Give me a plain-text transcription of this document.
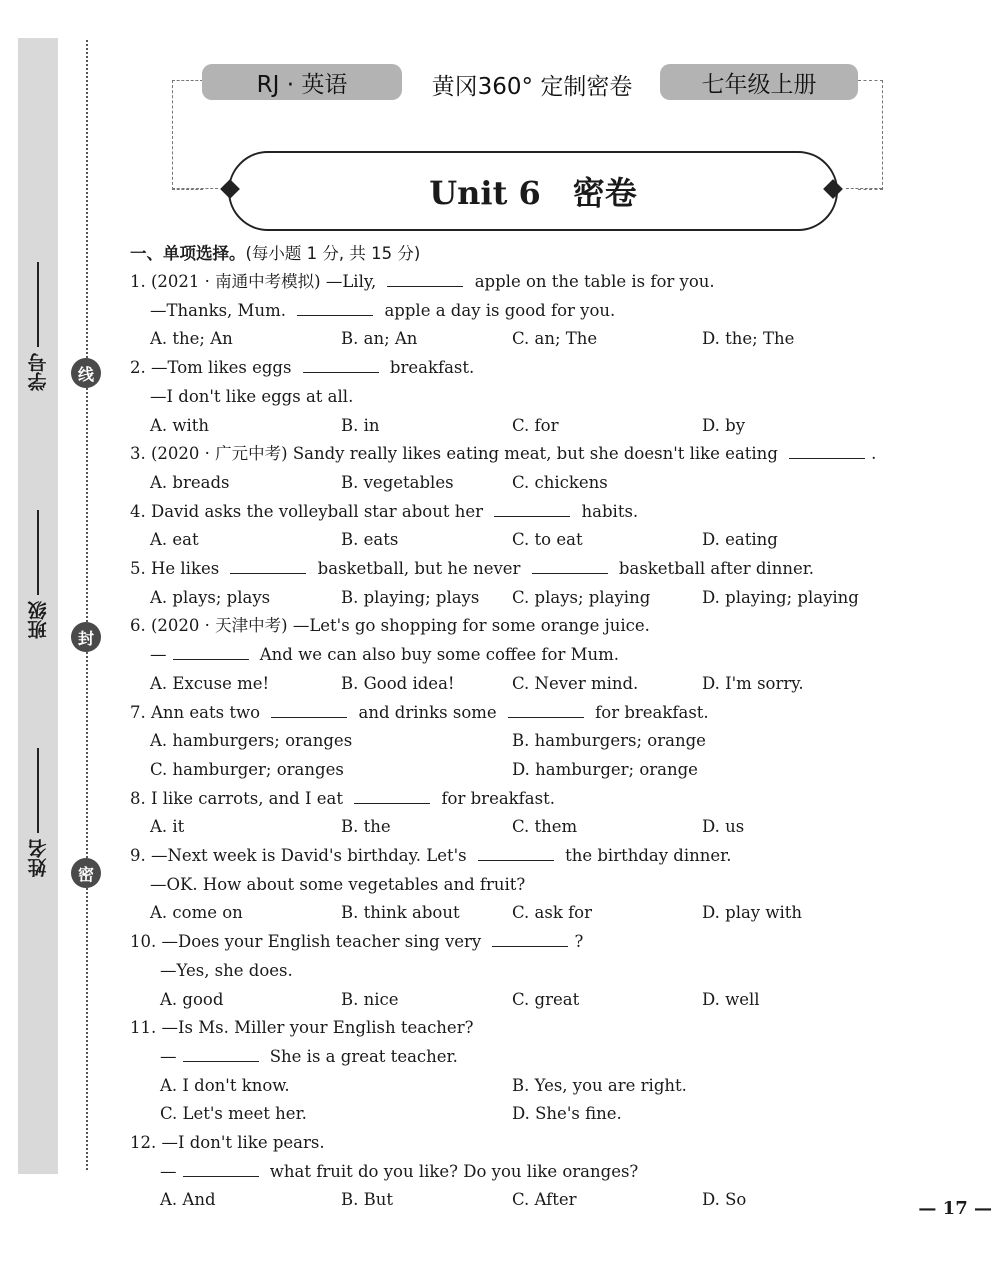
学号
班级
姓名
线
封
密
RJ · 英语	黄冈360° 定制密卷	七年级上册
Unit 6　密卷
一、单项选择。(每小题 1 分, 共 15 分)
1. (2021 · 南通中考模拟) —Lily,	apple on the table is for you.
—Thanks, Mum.	apple a day is good for you.
A. the; An	B. an; An	C. an; The	D. the; The
2. —Tom likes eggs	breakfast.
—I don't like eggs at all.
A. with	B. in	C. for	D. by
3. (2020 · 广元中考) Sandy really likes eating meat, but she doesn't like eating	.
A. breads	B. vegetables	C. chickens
4. David asks the volleyball star about her	habits.
A. eat	B. eats	C. to eat	D. eating
5. He likes	basketball, but he never	basketball after dinner.
A. plays; plays	B. playing; plays C. plays; playing	D. playing; playing
6. (2020 · 天津中考) —Let's go shopping for some orange juice.
—	And we can also buy some coffee for Mum.
A. Excuse me!	B. Good idea!	C. Never mind.	D. I'm sorry.
7. Ann eats two	and drinks some	for breakfast.
A. hamburgers; oranges	B. hamburgers; orange
C. hamburger; oranges	D. hamburger; orange
8. I like carrots, and I eat	for breakfast.
A. it	B. the	C. them	D. us
9. —Next week is David's birthday. Let's	the birthday dinner.
—OK. How about some vegetables and fruit?
A. come on	B. think about	C. ask for	D. play with
10. —Does your English teacher sing very	?
—Yes, she does.
A. good	B. nice	C. great	D. well
11. —Is Ms. Miller your English teacher?
—	She is a great teacher.
A. I don't know.	B. Yes, you are right.
C. Let's meet her.	D. She's fine.
12. —I don't like pears.
—	what fruit do you like? Do you like oranges?
A. And	B. But	C. After	D. So	— 17 —
